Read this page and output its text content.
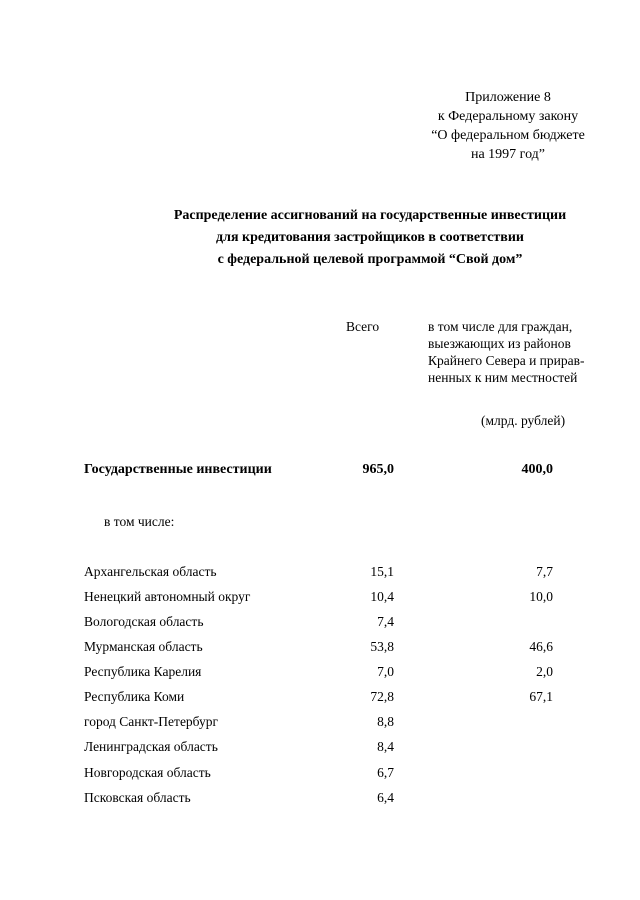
Приложение 8
к Федеральному закону
“О федеральном бюджете
на 1997 год”
Распределение ассигнований на государственные инвестиции
для кредитования застройщиков в соответствии
с федеральной целевой программой “Свой дом”
Всего	в том числе для граждан,
выезжающих из районов
Крайнего Севера и прирав-
ненных к ним местностей
(млрд. рублей)
Государственные инвестиции	965,0	400,0
в том числе:
Архангельская область	15,1	7,7
Ненецкий автономный округ	10,4	10,0
Вологодская область	7,4
Мурманская область	53,8	46,6
Республика Карелия	7,0	2,0
Республика Коми	72,8	67,1
город Санкт-Петербург	8,8
Ленинградская область	8,4
Новгородская область	6,7
Псковская область	6,4
